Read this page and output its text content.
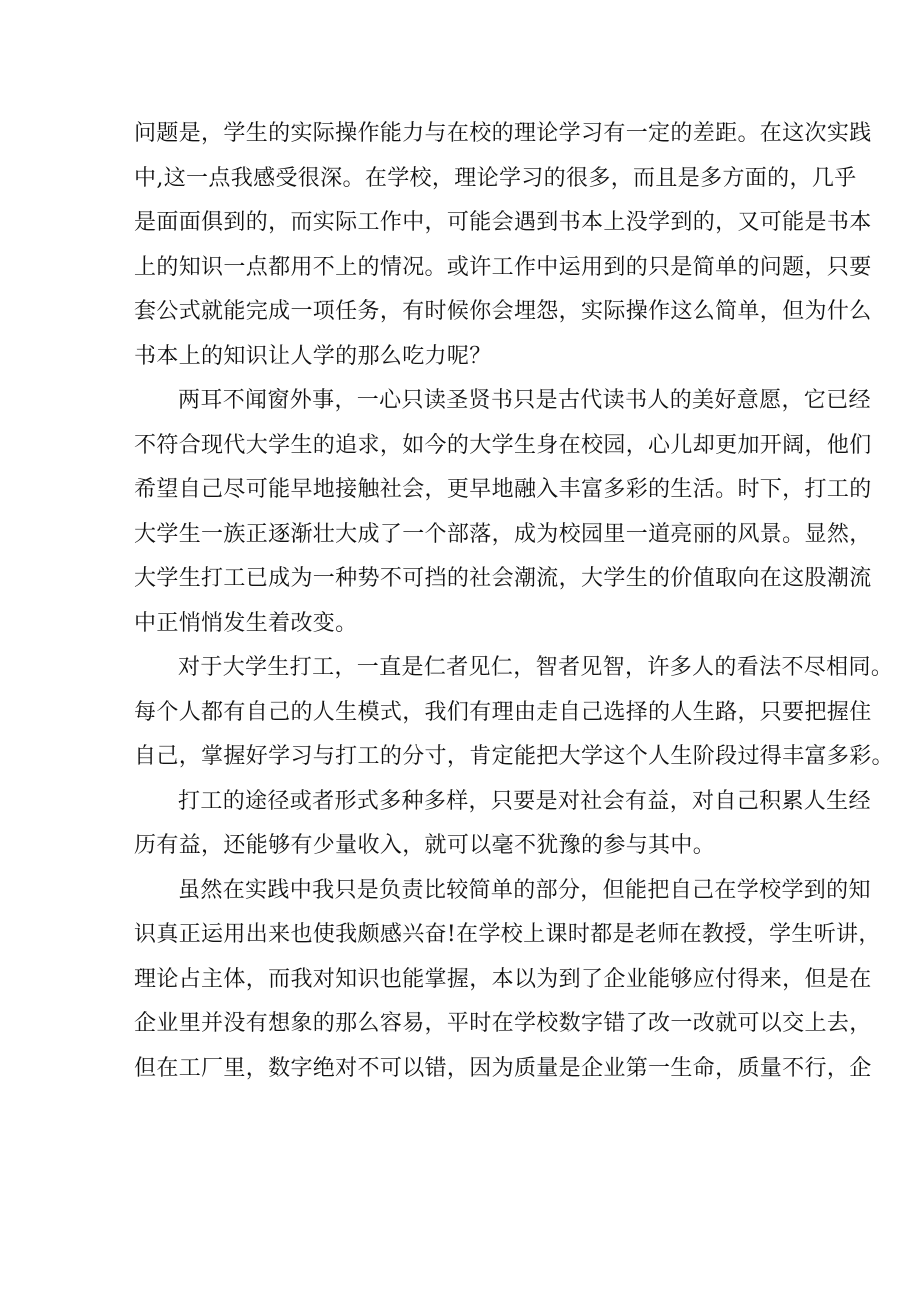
问题是，学生的实际操作能力与在校的理论学习有一定的差距。在这次实践
中,这一点我感受很深。在学校，理论学习的很多，而且是多方面的，几乎
是面面俱到的，而实际工作中，可能会遇到书本上没学到的，又可能是书本
上的知识一点都用不上的情况。或许工作中运用到的只是简单的问题，只要
套公式就能完成一项任务，有时候你会埋怨，实际操作这么简单，但为什么
书本上的知识让人学的那么吃力呢？
两耳不闻窗外事，一心只读圣贤书只是古代读书人的美好意愿，它已经
不符合现代大学生的追求，如今的大学生身在校园，心儿却更加开阔，他们
希望自己尽可能早地接触社会，更早地融入丰富多彩的生活。时下，打工的
大学生一族正逐渐壮大成了一个部落，成为校园里一道亮丽的风景。显然，
大学生打工已成为一种势不可挡的社会潮流，大学生的价值取向在这股潮流
中正悄悄发生着改变。
对于大学生打工，一直是仁者见仁，智者见智，许多人的看法不尽相同。
每个人都有自己的人生模式，我们有理由走自己选择的人生路，只要把握住
自己，掌握好学习与打工的分寸，肯定能把大学这个人生阶段过得丰富多彩。
打工的途径或者形式多种多样，只要是对社会有益，对自己积累人生经
历有益，还能够有少量收入，就可以毫不犹豫的参与其中。
虽然在实践中我只是负责比较简单的部分，但能把自己在学校学到的知
识真正运用出来也使我颇感兴奋!在学校上课时都是老师在教授，学生听讲，
理论占主体，而我对知识也能掌握，本以为到了企业能够应付得来，但是在
企业里并没有想象的那么容易，平时在学校数字错了改一改就可以交上去，
但在工厂里，数字绝对不可以错，因为质量是企业第一生命，质量不行，企
